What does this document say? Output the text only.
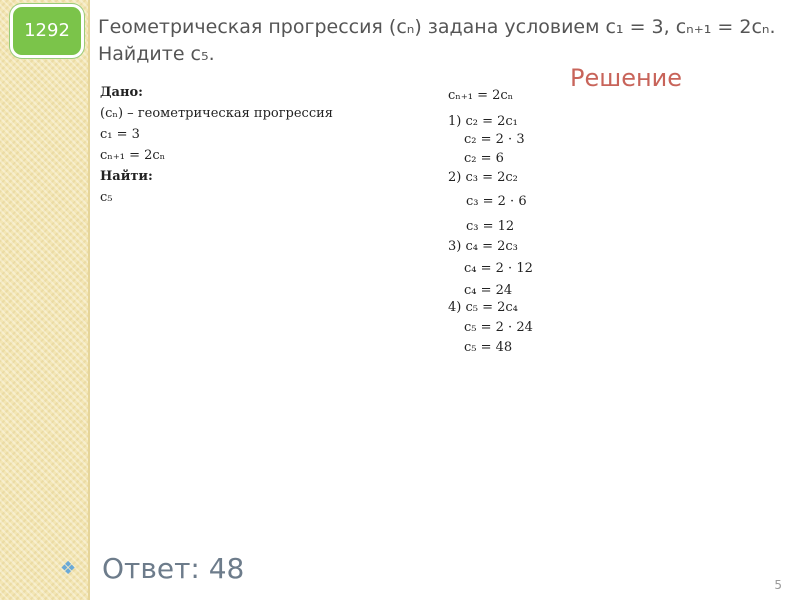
1292	Геометрическая прогрессия (cₙ) задана условием c₁ = 3, cₙ₊₁ = 2cₙ.
Найдите c₅.
Решение
Дано:
(cₙ) – геометрическая прогрессия
c₁ = 3
cₙ₊₁ = 2cₙ
Найти:
c₅
cₙ₊₁ = 2cₙ
1) c₂ = 2c₁
c₂ = 2 · 3
c₂ = 6
2) c₃ = 2c₂
c₃ = 2 · 6
c₃ = 12
3) c₄ = 2c₃
c₄ = 2 · 12
c₄ = 24
4) c₅ = 2c₄
c₅ = 2 · 24
c₅ = 48
❖ Ответ: 48	5
